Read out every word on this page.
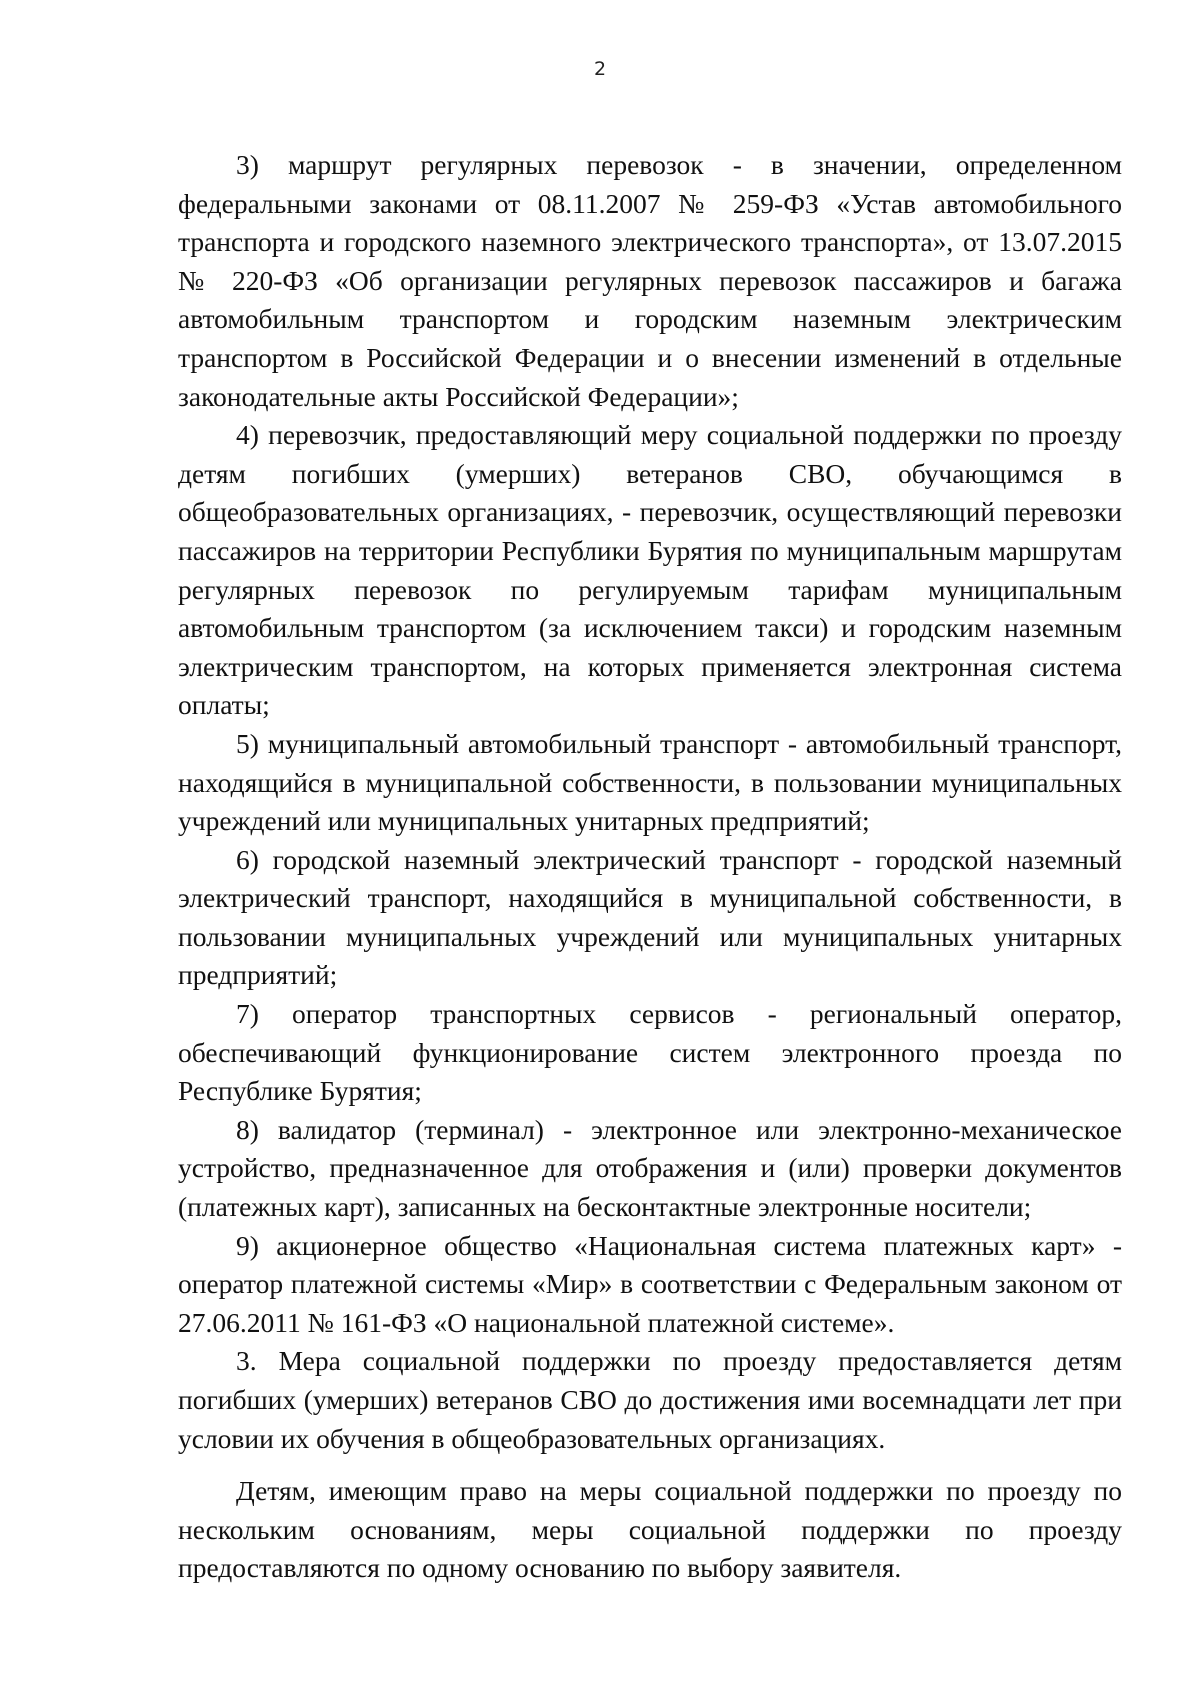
2

3) маршрут регулярных перевозок - в значении, определенном федеральными законами от 08.11.2007 № 259-ФЗ «Устав автомобильного транспорта и городского наземного электрического транспорта», от 13.07.2015 № 220-ФЗ «Об организации регулярных перевозок пассажиров и багажа автомобильным транспортом и городским наземным электрическим транспортом в Российской Федерации и о внесении изменений в отдельные законодательные акты Российской Федерации»;

4) перевозчик, предоставляющий меру социальной поддержки по проезду детям погибших (умерших) ветеранов СВО, обучающимся в общеобразовательных организациях, - перевозчик, осуществляющий перевозки пассажиров на территории Республики Бурятия по муниципальным маршрутам регулярных перевозок по регулируемым тарифам муниципальным автомобильным транспортом (за исключением такси) и городским наземным электрическим транспортом, на которых применяется электронная система оплаты;

5) муниципальный автомобильный транспорт - автомобильный транспорт, находящийся в муниципальной собственности, в пользовании муниципальных учреждений или муниципальных унитарных предприятий;

6) городской наземный электрический транспорт - городской наземный электрический транспорт, находящийся в муниципальной собственности, в пользовании муниципальных учреждений или муниципальных унитарных предприятий;

7) оператор транспортных сервисов - региональный оператор, обеспечивающий функционирование систем электронного проезда по Республике Бурятия;

8) валидатор (терминал) - электронное или электронно-механическое устройство, предназначенное для отображения и (или) проверки документов (платежных карт), записанных на бесконтактные электронные носители;

9) акционерное общество «Национальная система платежных карт» - оператор платежной системы «Мир» в соответствии с Федеральным законом от 27.06.2011 № 161-ФЗ «О национальной платежной системе».

3. Мера социальной поддержки по проезду предоставляется детям погибших (умерших) ветеранов СВО до достижения ими восемнадцати лет при условии их обучения в общеобразовательных организациях.

Детям, имеющим право на меры социальной поддержки по проезду по нескольким основаниям, меры социальной поддержки по проезду предоставляются по одному основанию по выбору заявителя.
